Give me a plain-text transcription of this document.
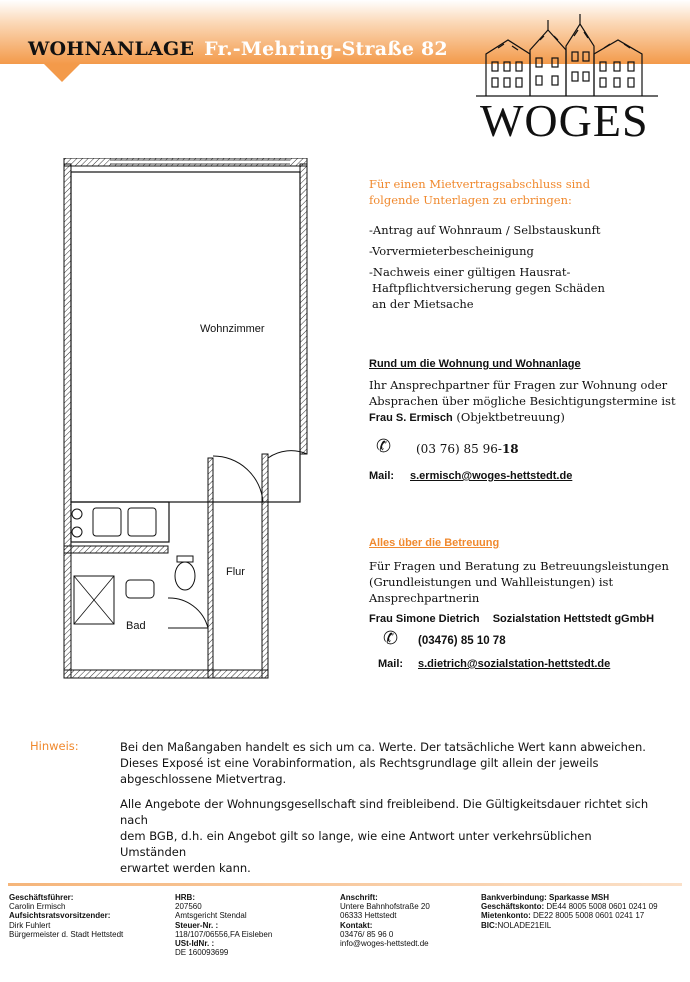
WOHNANLAGE Fr.-Mehring-Straße 82
WOGES
Wohnzimmer
Flur
Bad
Für einen Mietvertragsabschluss sind
folgende Unterlagen zu erbringen:
-Antrag auf Wohnraum / Selbstauskunft
-Vorvermieterbescheinigung
-Nachweis einer gültigen Hausrat-
Haftpflichtversicherung gegen Schäden
an der Mietsache
Rund um die Wohnung und Wohnanlage
Ihr Ansprechpartner für Fragen zur Wohnung oder
Absprachen über mögliche Besichtigungstermine ist
Frau S. Ermisch (Objektbetreuung)
✆ (03 76) 85 96-18
Mail: s.ermisch@woges-hettstedt.de
Alles über die Betreuung
Für Fragen und Beratung zu Betreuungsleistungen
(Grundleistungen und Wahlleistungen) ist
Ansprechpartnerin
Frau Simone Dietrich Sozialstation Hettstedt gGmbH
✆ (03476) 85 10 78
Mail: s.dietrich@sozialstation-hettstedt.de
Hinweis:	Bei den Maßangaben handelt es sich um ca. Werte. Der tatsächliche Wert kann abweichen.
Dieses Exposé ist eine Vorabinformation, als Rechtsgrundlage gilt allein der jeweils
abgeschlossene Mietvertrag.
Alle Angebote der Wohnungsgesellschaft sind freibleibend. Die Gültigkeitsdauer richtet sich nach
dem BGB, d.h. ein Angebot gilt so lange, wie eine Antwort unter verkehrsüblichen Umständen
erwartet werden kann.
Geschäftsführer:
Carolin Ermisch
Aufsichtsratsvorsitzender:
Dirk Fuhlert
Bürgermeister d. Stadt Hettstedt
HRB:
207560
Amtsgericht Stendal
Steuer-Nr. :
118/107/06556,FA Eisleben
USt-IdNr. :
DE 160093699
Anschrift:
Untere Bahnhofstraße 20
06333 Hettstedt
Kontakt:
03476/ 85 96 0
info@woges-hettstedt.de
Bankverbindung: Sparkasse MSH
Geschäftskonto: DE44 8005 5008 0601 0241 09
Mietenkonto: DE22 8005 5008 0601 0241 17
BIC:NOLADE21EIL
